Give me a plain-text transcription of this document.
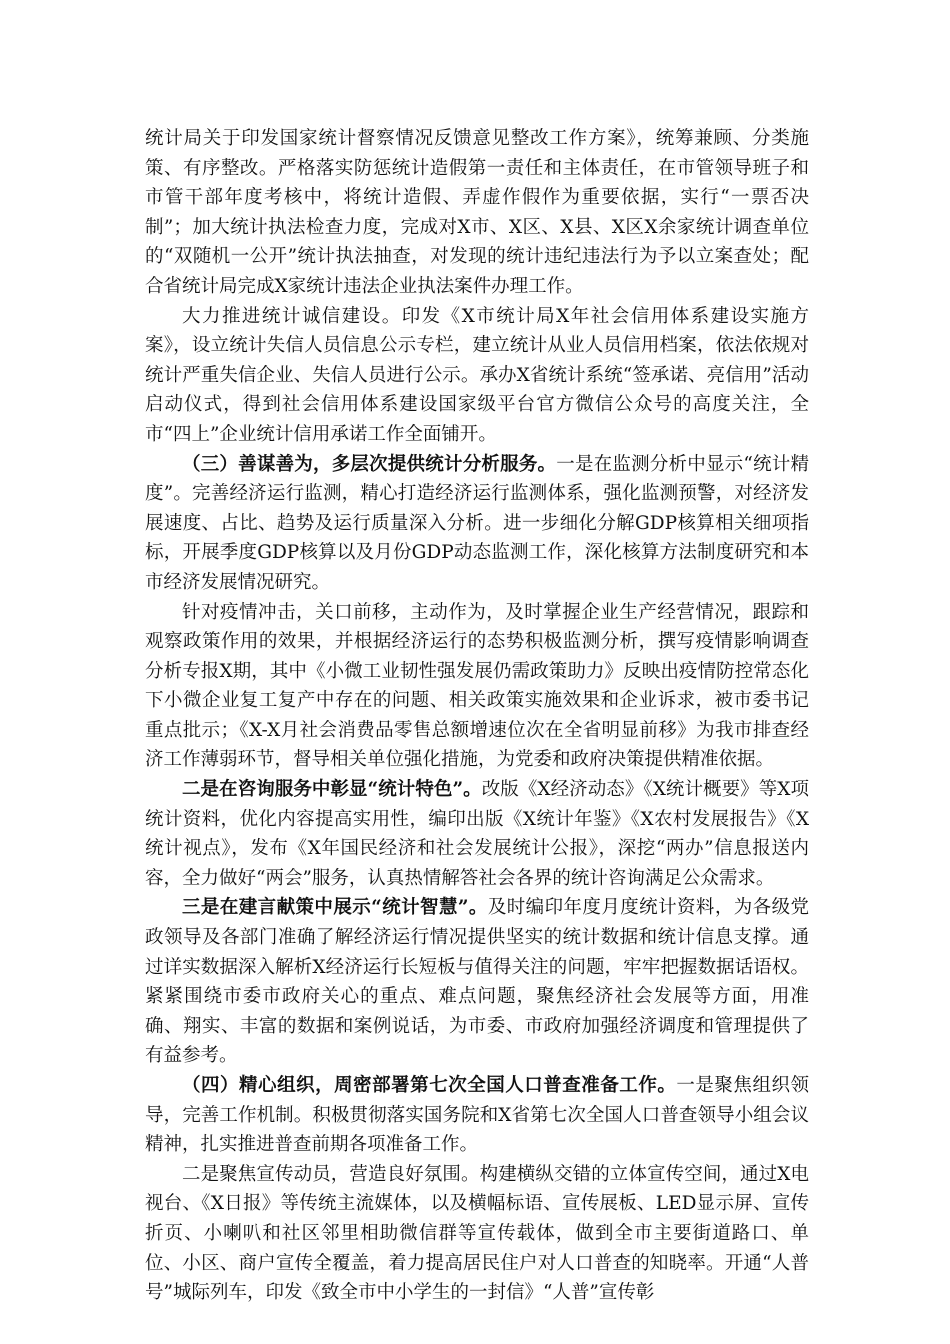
统计局关于印发国家统计督察情况反馈意见整改工作方案》，统筹兼顾、分类施策、有序整改。严格落实防惩统计造假第一责任和主体责任，在市管领导班子和市管干部年度考核中，将统计造假、弄虚作假作为重要依据，实行“一票否决制”；加大统计执法检查力度，完成对X市、X区、X县、X区X余家统计调查单位的“双随机一公开”统计执法抽查，对发现的统计违纪违法行为予以立案查处；配合省统计局完成X家统计违法企业执法案件办理工作。

大力推进统计诚信建设。印发《X市统计局X年社会信用体系建设实施方案》，设立统计失信人员信息公示专栏，建立统计从业人员信用档案，依法依规对统计严重失信企业、失信人员进行公示。承办X省统计系统“签承诺、亮信用”活动启动仪式，得到社会信用体系建设国家级平台官方微信公众号的高度关注，全市“四上”企业统计信用承诺工作全面铺开。

（三）善谋善为，多层次提供统计分析服务。一是在监测分析中显示“统计精度”。完善经济运行监测，精心打造经济运行监测体系，强化监测预警，对经济发展速度、占比、趋势及运行质量深入分析。进一步细化分解GDP核算相关细项指标，开展季度GDP核算以及月份GDP动态监测工作，深化核算方法制度研究和本市经济发展情况研究。

针对疫情冲击，关口前移，主动作为，及时掌握企业生产经营情况，跟踪和观察政策作用的效果，并根据经济运行的态势积极监测分析，撰写疫情影响调查分析专报X期，其中《小微工业韧性强发展仍需政策助力》反映出疫情防控常态化下小微企业复工复产中存在的问题、相关政策实施效果和企业诉求，被市委书记重点批示；《X-X月社会消费品零售总额增速位次在全省明显前移》为我市排查经济工作薄弱环节，督导相关单位强化措施，为党委和政府决策提供精准依据。

二是在咨询服务中彰显“统计特色”。改版《X经济动态》《X统计概要》等X项统计资料，优化内容提高实用性，编印出版《X统计年鉴》《X农村发展报告》《X统计视点》，发布《X年国民经济和社会发展统计公报》，深挖“两办”信息报送内容，全力做好“两会”服务，认真热情解答社会各界的统计咨询满足公众需求。

三是在建言献策中展示“统计智慧”。及时编印年度月度统计资料，为各级党政领导及各部门准确了解经济运行情况提供坚实的统计数据和统计信息支撑。通过详实数据深入解析X经济运行长短板与值得关注的问题，牢牢把握数据话语权。紧紧围绕市委市政府关心的重点、难点问题，聚焦经济社会发展等方面，用准确、翔实、丰富的数据和案例说话，为市委、市政府加强经济调度和管理提供了有益参考。

（四）精心组织，周密部署第七次全国人口普查准备工作。一是聚焦组织领导，完善工作机制。积极贯彻落实国务院和X省第七次全国人口普查领导小组会议精神，扎实推进普查前期各项准备工作。

二是聚焦宣传动员，营造良好氛围。构建横纵交错的立体宣传空间，通过X电视台、《X日报》等传统主流媒体，以及横幅标语、宣传展板、LED显示屏、宣传折页、小喇叭和社区邻里相助微信群等宣传载体，做到全市主要街道路口、单位、小区、商户宣传全覆盖，着力提高居民住户对人口普查的知晓率。开通“人普号”城际列车，印发《致全市中小学生的一封信》“人普”宣传彰
